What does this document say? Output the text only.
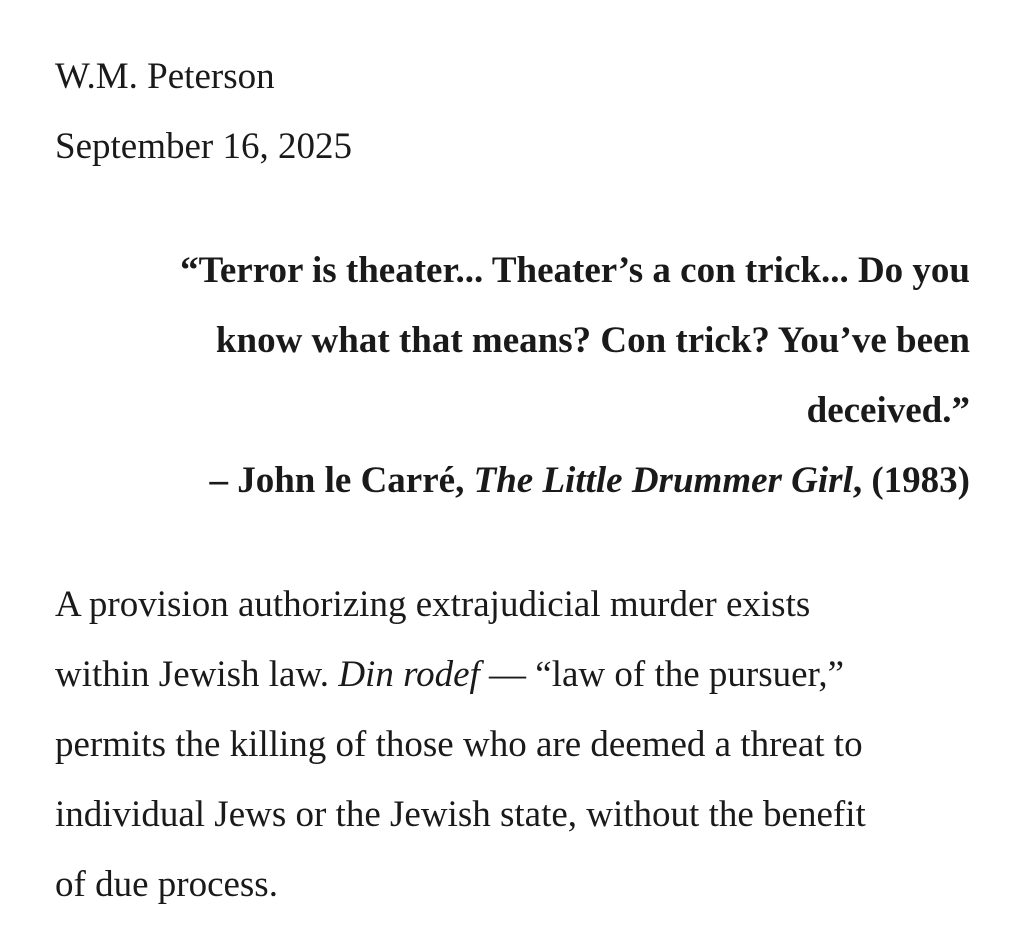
W.M. Peterson
September 16, 2025
“Terror is theater... Theater’s a con trick... Do you
know what that means? Con trick? You’ve been
deceived.”
– John le Carré, The Little Drummer Girl, (1983)
A provision authorizing extrajudicial murder exists
within Jewish law. Din rodef — “law of the pursuer,”
permits the killing of those who are deemed a threat to
individual Jews or the Jewish state, without the benefit
of due process.
